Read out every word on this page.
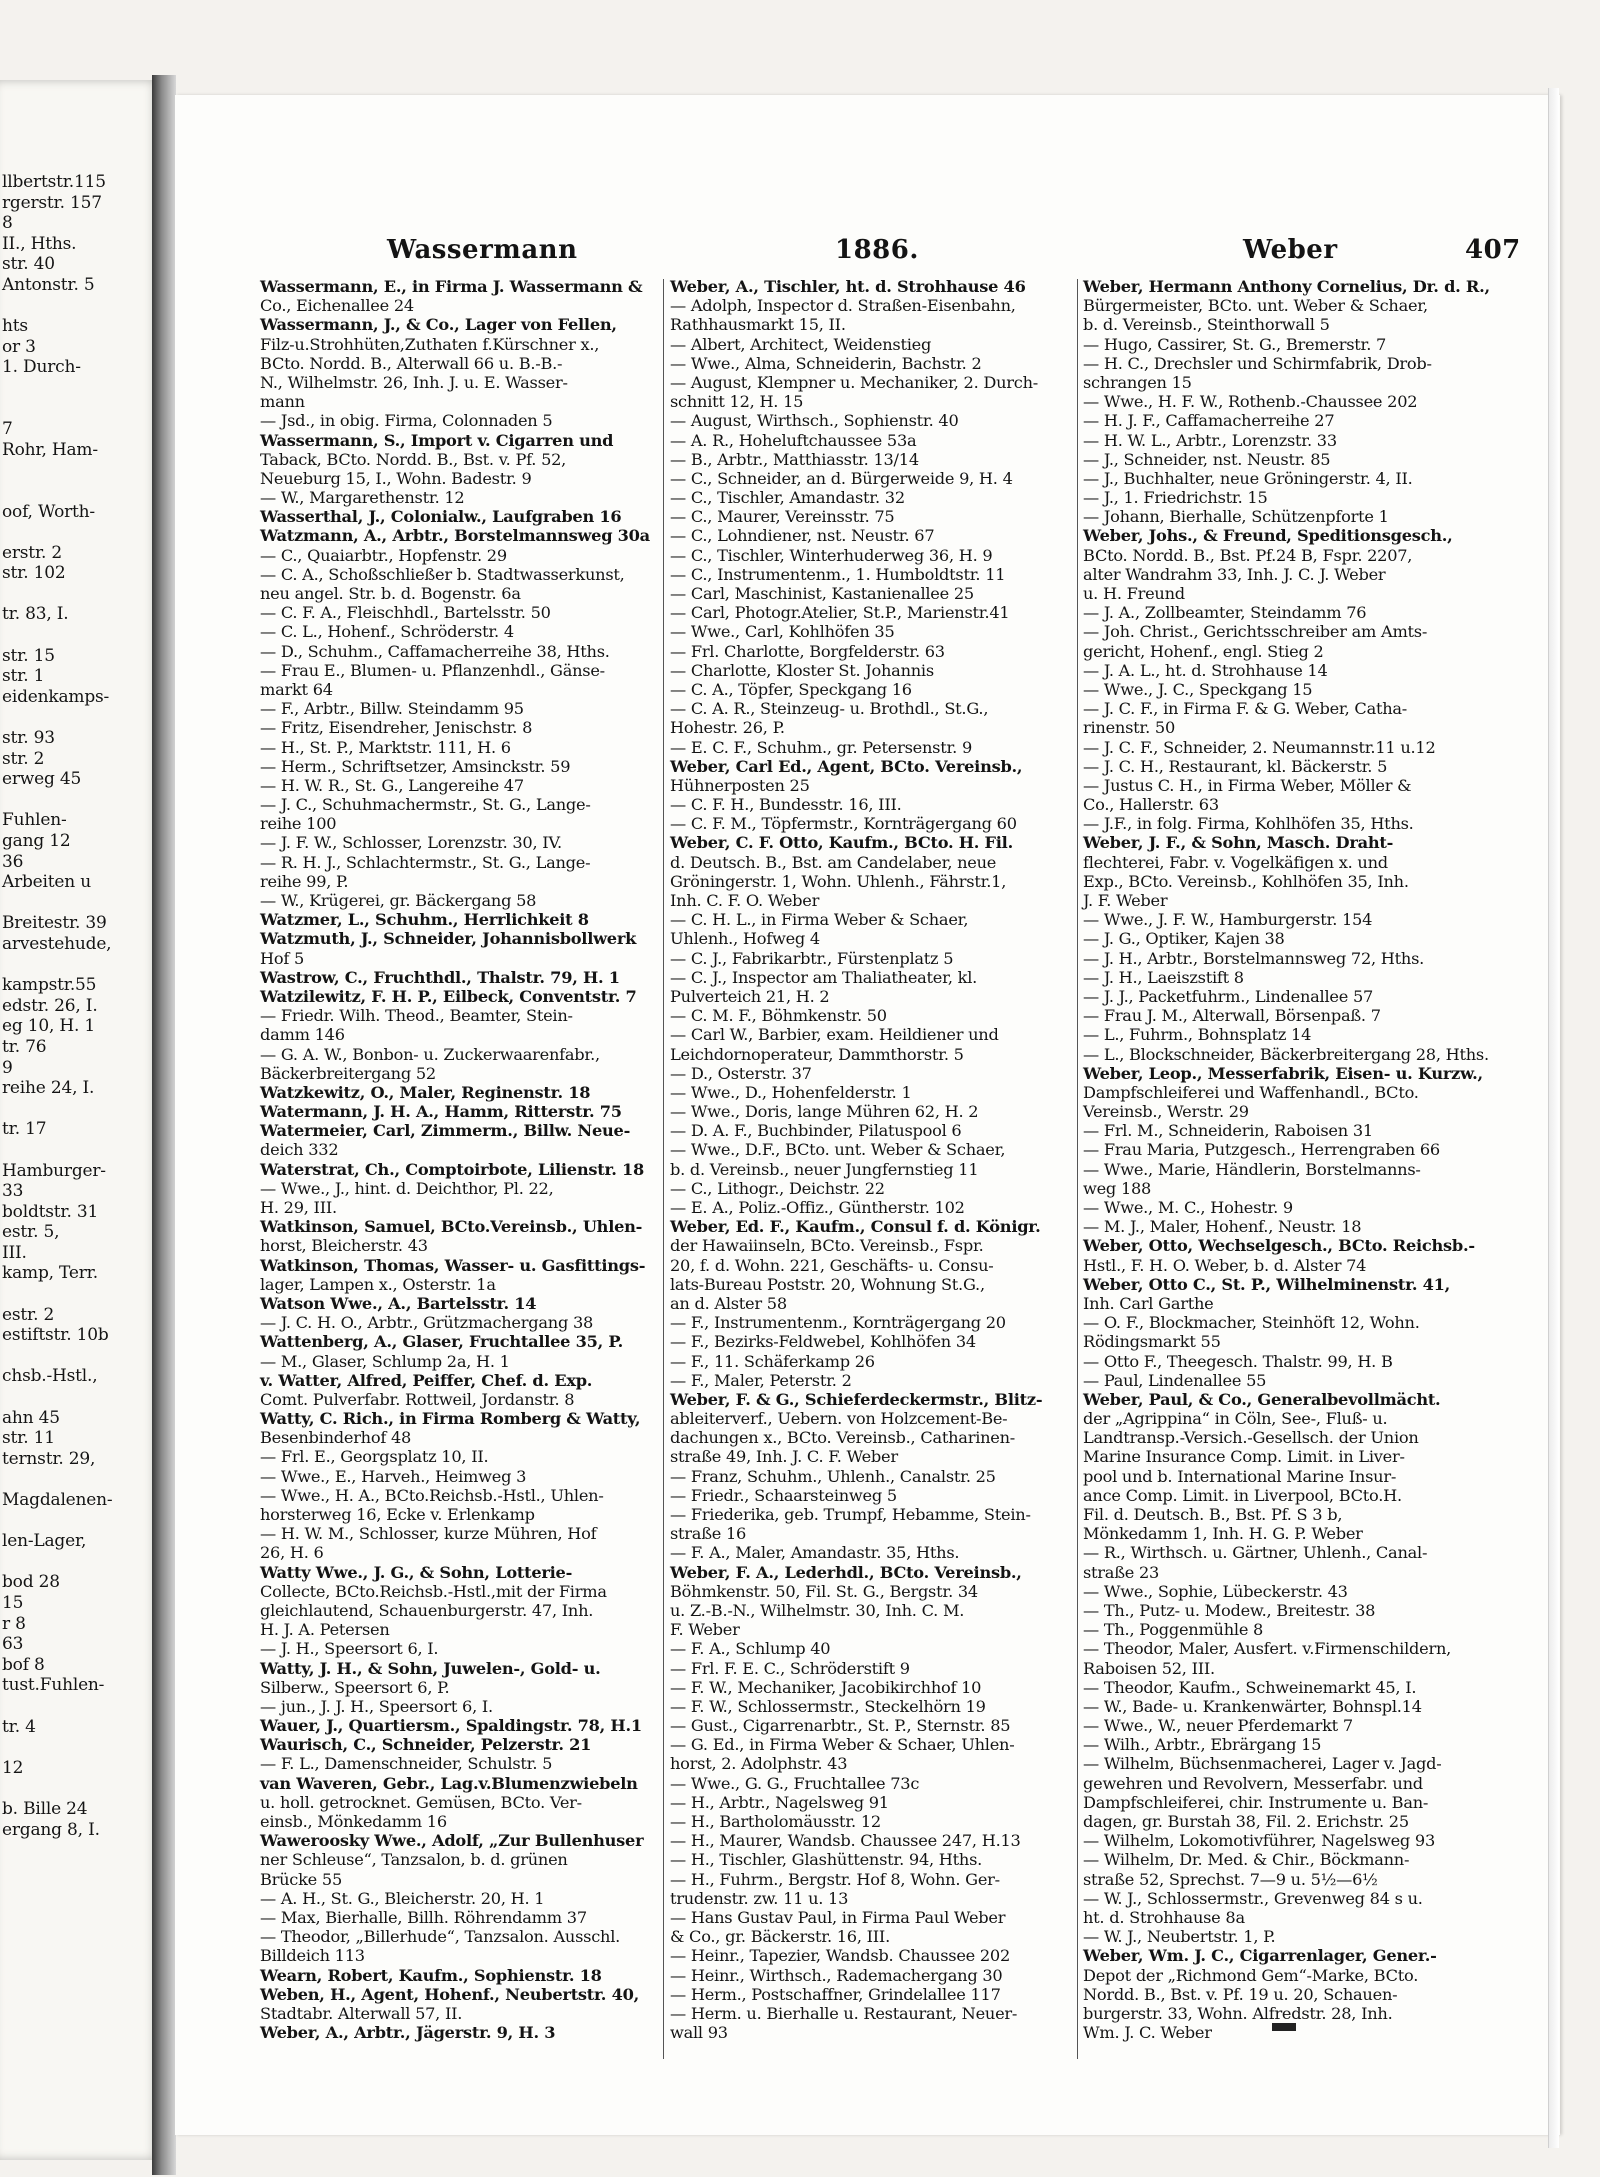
llbertstr.115
rgerstr. 157
8
II., Hths.
str. 40
Antonstr. 5
hts
or 3
1. Durch-
7
Rohr, Ham-
oof, Worth-
erstr. 2
str. 102
tr. 83, I.
str. 15
str. 1
eidenkamps-
str. 93
str. 2
erweg 45
Fuhlen-
gang 12
36
Arbeiten u
Breitestr. 39
arvestehude,
kampstr.55
edstr. 26, I.
eg 10, H. 1
tr. 76
9
reihe 24, I.
tr. 17
Hamburger-
33
boldtstr. 31
estr. 5,
III.
kamp, Terr.
estr. 2
estiftstr. 10b
chsb.-Hstl.,
ahn 45
str. 11
ternstr. 29,
Magdalenen-
len-Lager,
bod 28
15
r 8
63
bof 8
tust.Fuhlen-
tr. 4
12
b. Bille 24
ergang 8, I.
Wassermann	1886.	Weber	407
Wassermann, E., in Firma J. Wassermann &
Co., Eichenallee 24
Wassermann, J., & Co., Lager von Fellen,
Filz-u.Strohhüten,Zuthaten f.Kürschner x.,
BCto. Nordd. B., Alterwall 66 u. B.-B.-
N., Wilhelmstr. 26, Inh. J. u. E. Wasser-
mann
— Jsd., in obig. Firma, Colonnaden 5
Wassermann, S., Import v. Cigarren und
Taback, BCto. Nordd. B., Bst. v. Pf. 52,
Neueburg 15, I., Wohn. Badestr. 9
— W., Margarethenstr. 12
Wasserthal, J., Colonialw., Laufgraben 16
Watzmann, A., Arbtr., Borstelmannsweg 30a
— C., Quaiarbtr., Hopfenstr. 29
— C. A., Schoßschließer b. Stadtwasserkunst,
neu angel. Str. b. d. Bogenstr. 6a
— C. F. A., Fleischhdl., Bartelsstr. 50
— C. L., Hohenf., Schröderstr. 4
— D., Schuhm., Caffamacherreihe 38, Hths.
— Frau E., Blumen- u. Pflanzenhdl., Gänse-
markt 64
— F., Arbtr., Billw. Steindamm 95
— Fritz, Eisendreher, Jenischstr. 8
— H., St. P., Marktstr. 111, H. 6
— Herm., Schriftsetzer, Amsinckstr. 59
— H. W. R., St. G., Langereihe 47
— J. C., Schuhmachermstr., St. G., Lange-
reihe 100
— J. F. W., Schlosser, Lorenzstr. 30, IV.
— R. H. J., Schlachtermstr., St. G., Lange-
reihe 99, P.
— W., Krügerei, gr. Bäckergang 58
Watzmer, L., Schuhm., Herrlichkeit 8
Watzmuth, J., Schneider, Johannisbollwerk
Hof 5
Wastrow, C., Fruchthdl., Thalstr. 79, H. 1
Watzilewitz, F. H. P., Eilbeck, Conventstr. 7
— Friedr. Wilh. Theod., Beamter, Stein-
damm 146
— G. A. W., Bonbon- u. Zuckerwaarenfabr.,
Bäckerbreitergang 52
Watzkewitz, O., Maler, Reginenstr. 18
Watermann, J. H. A., Hamm, Ritterstr. 75
Watermeier, Carl, Zimmerm., Billw. Neue-
deich 332
Waterstrat, Ch., Comptoirbote, Lilienstr. 18
— Wwe., J., hint. d. Deichthor, Pl. 22,
H. 29, III.
Watkinson, Samuel, BCto.Vereinsb., Uhlen-
horst, Bleicherstr. 43
Watkinson, Thomas, Wasser- u. Gasfittings-
lager, Lampen x., Osterstr. 1a
Watson Wwe., A., Bartelsstr. 14
— J. C. H. O., Arbtr., Grützmachergang 38
Wattenberg, A., Glaser, Fruchtallee 35, P.
— M., Glaser, Schlump 2a, H. 1
v. Watter, Alfred, Peiffer, Chef. d. Exp.
Comt. Pulverfabr. Rottweil, Jordanstr. 8
Watty, C. Rich., in Firma Romberg & Watty,
Besenbinderhof 48
— Frl. E., Georgsplatz 10, II.
— Wwe., E., Harveh., Heimweg 3
— Wwe., H. A., BCto.Reichsb.-Hstl., Uhlen-
horsterweg 16, Ecke v. Erlenkamp
— H. W. M., Schlosser, kurze Mühren, Hof
26, H. 6
Watty Wwe., J. G., & Sohn, Lotterie-
Collecte, BCto.Reichsb.-Hstl.,mit der Firma
gleichlautend, Schauenburgerstr. 47, Inh.
H. J. A. Petersen
— J. H., Speersort 6, I.
Watty, J. H., & Sohn, Juwelen-, Gold- u.
Silberw., Speersort 6, P.
— jun., J. J. H., Speersort 6, I.
Wauer, J., Quartiersm., Spaldingstr. 78, H.1
Waurisch, C., Schneider, Pelzerstr. 21
— F. L., Damenschneider, Schulstr. 5
van Waveren, Gebr., Lag.v.Blumenzwiebeln
u. holl. getrocknet. Gemüsen, BCto. Ver-
einsb., Mönkedamm 16
Waweroosky Wwe., Adolf, „Zur Bullenhuser
ner Schleuse“, Tanzsalon, b. d. grünen
Brücke 55
— A. H., St. G., Bleicherstr. 20, H. 1
— Max, Bierhalle, Billh. Röhrendamm 37
— Theodor, „Billerhude“, Tanzsalon. Ausschl.
Billdeich 113
Wearn, Robert, Kaufm., Sophienstr. 18
Weben, H., Agent, Hohenf., Neubertstr. 40,
Stadtabr. Alterwall 57, II.
Weber, A., Arbtr., Jägerstr. 9, H. 3
Weber, A., Tischler, ht. d. Strohhause 46
— Adolph, Inspector d. Straßen-Eisenbahn,
Rathhausmarkt 15, II.
— Albert, Architect, Weidenstieg
— Wwe., Alma, Schneiderin, Bachstr. 2
— August, Klempner u. Mechaniker, 2. Durch-
schnitt 12, H. 15
— August, Wirthsch., Sophienstr. 40
— A. R., Hoheluftchaussee 53a
— B., Arbtr., Matthiasstr. 13/14
— C., Schneider, an d. Bürgerweide 9, H. 4
— C., Tischler, Amandastr. 32
— C., Maurer, Vereinsstr. 75
— C., Lohndiener, nst. Neustr. 67
— C., Tischler, Winterhuderweg 36, H. 9
— C., Instrumentenm., 1. Humboldtstr. 11
— Carl, Maschinist, Kastanienallee 25
— Carl, Photogr.Atelier, St.P., Marienstr.41
— Wwe., Carl, Kohlhöfen 35
— Frl. Charlotte, Borgfelderstr. 63
— Charlotte, Kloster St. Johannis
— C. A., Töpfer, Speckgang 16
— C. A. R., Steinzeug- u. Brothdl., St.G.,
Hohestr. 26, P.
— E. C. F., Schuhm., gr. Petersenstr. 9
Weber, Carl Ed., Agent, BCto. Vereinsb.,
Hühnerposten 25
— C. F. H., Bundesstr. 16, III.
— C. F. M., Töpfermstr., Kornträgergang 60
Weber, C. F. Otto, Kaufm., BCto. H. Fil.
d. Deutsch. B., Bst. am Candelaber, neue
Gröningerstr. 1, Wohn. Uhlenh., Fährstr.1,
Inh. C. F. O. Weber
— C. H. L., in Firma Weber & Schaer,
Uhlenh., Hofweg 4
— C. J., Fabrikarbtr., Fürstenplatz 5
— C. J., Inspector am Thaliatheater, kl.
Pulverteich 21, H. 2
— C. M. F., Böhmkenstr. 50
— Carl W., Barbier, exam. Heildiener und
Leichdornoperateur, Dammthorstr. 5
— D., Osterstr. 37
— Wwe., D., Hohenfelderstr. 1
— Wwe., Doris, lange Mühren 62, H. 2
— D. A. F., Buchbinder, Pilatuspool 6
— Wwe., D.F., BCto. unt. Weber & Schaer,
b. d. Vereinsb., neuer Jungfernstieg 11
— C., Lithogr., Deichstr. 22
— E. A., Poliz.-Offiz., Güntherstr. 102
Weber, Ed. F., Kaufm., Consul f. d. Königr.
der Hawaiinseln, BCto. Vereinsb., Fspr.
20, f. d. Wohn. 221, Geschäfts- u. Consu-
lats-Bureau Poststr. 20, Wohnung St.G.,
an d. Alster 58
— F., Instrumentenm., Kornträgergang 20
— F., Bezirks-Feldwebel, Kohlhöfen 34
— F., 11. Schäferkamp 26
— F., Maler, Peterstr. 2
Weber, F. & G., Schieferdeckermstr., Blitz-
ableiterverf., Uebern. von Holzcement-Be-
dachungen x., BCto. Vereinsb., Catharinen-
straße 49, Inh. J. C. F. Weber
— Franz, Schuhm., Uhlenh., Canalstr. 25
— Friedr., Schaarsteinweg 5
— Friederika, geb. Trumpf, Hebamme, Stein-
straße 16
— F. A., Maler, Amandastr. 35, Hths.
Weber, F. A., Lederhdl., BCto. Vereinsb.,
Böhmkenstr. 50, Fil. St. G., Bergstr. 34
u. Z.-B.-N., Wilhelmstr. 30, Inh. C. M.
F. Weber
— F. A., Schlump 40
— Frl. F. E. C., Schröderstift 9
— F. W., Mechaniker, Jacobikirchhof 10
— F. W., Schlossermstr., Steckelhörn 19
— Gust., Cigarrenarbtr., St. P., Sternstr. 85
— G. Ed., in Firma Weber & Schaer, Uhlen-
horst, 2. Adolphstr. 43
— Wwe., G. G., Fruchtallee 73c
— H., Arbtr., Nagelsweg 91
— H., Bartholomäusstr. 12
— H., Maurer, Wandsb. Chaussee 247, H.13
— H., Tischler, Glashüttenstr. 94, Hths.
— H., Fuhrm., Bergstr. Hof 8, Wohn. Ger-
trudenstr. zw. 11 u. 13
— Hans Gustav Paul, in Firma Paul Weber
& Co., gr. Bäckerstr. 16, III.
— Heinr., Tapezier, Wandsb. Chaussee 202
— Heinr., Wirthsch., Rademachergang 30
— Herm., Postschaffner, Grindelallee 117
— Herm. u. Bierhalle u. Restaurant, Neuer-
wall 93
Weber, Hermann Anthony Cornelius, Dr. d. R.,
Bürgermeister, BCto. unt. Weber & Schaer,
b. d. Vereinsb., Steinthorwall 5
— Hugo, Cassirer, St. G., Bremerstr. 7
— H. C., Drechsler und Schirmfabrik, Drob-
schrangen 15
— Wwe., H. F. W., Rothenb.-Chaussee 202
— H. J. F., Caffamacherreihe 27
— H. W. L., Arbtr., Lorenzstr. 33
— J., Schneider, nst. Neustr. 85
— J., Buchhalter, neue Gröningerstr. 4, II.
— J., 1. Friedrichstr. 15
— Johann, Bierhalle, Schützenpforte 1
Weber, Johs., & Freund, Speditionsgesch.,
BCto. Nordd. B., Bst. Pf.24 B, Fspr. 2207,
alter Wandrahm 33, Inh. J. C. J. Weber
u. H. Freund
— J. A., Zollbeamter, Steindamm 76
— Joh. Christ., Gerichtsschreiber am Amts-
gericht, Hohenf., engl. Stieg 2
— J. A. L., ht. d. Strohhause 14
— Wwe., J. C., Speckgang 15
— J. C. F., in Firma F. & G. Weber, Catha-
rinenstr. 50
— J. C. F., Schneider, 2. Neumannstr.11 u.12
— J. C. H., Restaurant, kl. Bäckerstr. 5
— Justus C. H., in Firma Weber, Möller &
Co., Hallerstr. 63
— J.F., in folg. Firma, Kohlhöfen 35, Hths.
Weber, J. F., & Sohn, Masch. Draht-
flechterei, Fabr. v. Vogelkäfigen x. und
Exp., BCto. Vereinsb., Kohlhöfen 35, Inh.
J. F. Weber
— Wwe., J. F. W., Hamburgerstr. 154
— J. G., Optiker, Kajen 38
— J. H., Arbtr., Borstelmannsweg 72, Hths.
— J. H., Laeiszstift 8
— J. J., Packetfuhrm., Lindenallee 57
— Frau J. M., Alterwall, Börsenpaß. 7
— L., Fuhrm., Bohnsplatz 14
— L., Blockschneider, Bäckerbreitergang 28, Hths.
Weber, Leop., Messerfabrik, Eisen- u. Kurzw.,
Dampfschleiferei und Waffenhandl., BCto.
Vereinsb., Werstr. 29
— Frl. M., Schneiderin, Raboisen 31
— Frau Maria, Putzgesch., Herrengraben 66
— Wwe., Marie, Händlerin, Borstelmanns-
weg 188
— Wwe., M. C., Hohestr. 9
— M. J., Maler, Hohenf., Neustr. 18
Weber, Otto, Wechselgesch., BCto. Reichsb.-
Hstl., F. H. O. Weber, b. d. Alster 74
Weber, Otto C., St. P., Wilhelminenstr. 41,
Inh. Carl Garthe
— O. F., Blockmacher, Steinhöft 12, Wohn.
Rödingsmarkt 55
— Otto F., Theegesch. Thalstr. 99, H. B
— Paul, Lindenallee 55
Weber, Paul, & Co., Generalbevollmächt.
der „Agrippina“ in Cöln, See-, Fluß- u.
Landtransp.-Versich.-Gesellsch. der Union
Marine Insurance Comp. Limit. in Liver-
pool und b. International Marine Insur-
ance Comp. Limit. in Liverpool, BCto.H.
Fil. d. Deutsch. B., Bst. Pf. S 3 b,
Mönkedamm 1, Inh. H. G. P. Weber
— R., Wirthsch. u. Gärtner, Uhlenh., Canal-
straße 23
— Wwe., Sophie, Lübeckerstr. 43
— Th., Putz- u. Modew., Breitestr. 38
— Th., Poggenmühle 8
— Theodor, Maler, Ausfert. v.Firmenschildern,
Raboisen 52, III.
— Theodor, Kaufm., Schweinemarkt 45, I.
— W., Bade- u. Krankenwärter, Bohnspl.14
— Wwe., W., neuer Pferdemarkt 7
— Wilh., Arbtr., Ebrärgang 15
— Wilhelm, Büchsenmacherei, Lager v. Jagd-
gewehren und Revolvern, Messerfabr. und
Dampfschleiferei, chir. Instrumente u. Ban-
dagen, gr. Burstah 38, Fil. 2. Erichstr. 25
— Wilhelm, Lokomotivführer, Nagelsweg 93
— Wilhelm, Dr. Med. & Chir., Böckmann-
straße 52, Sprechst. 7—9 u. 5½—6½
— W. J., Schlossermstr., Grevenweg 84 s u.
ht. d. Strohhause 8a
— W. J., Neubertstr. 1, P.
Weber, Wm. J. C., Cigarrenlager, Gener.-
Depot der „Richmond Gem“-Marke, BCto.
Nordd. B., Bst. v. Pf. 19 u. 20, Schauen-
burgerstr. 33, Wohn. Alfredstr. 28, Inh.
Wm. J. C. Weber
